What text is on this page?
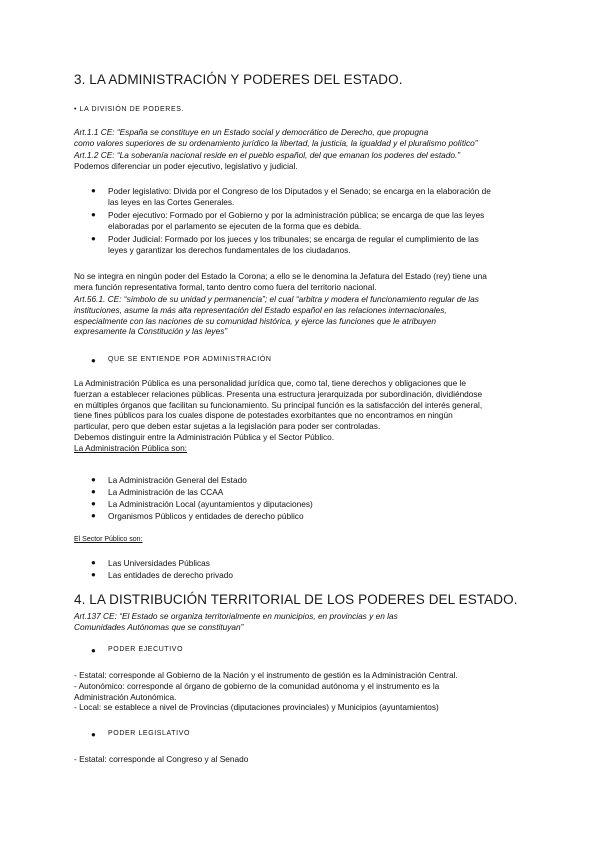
3. LA ADMINISTRACIÓN Y PODERES DEL ESTADO.
• LA DIVISIÓN DE PODERES.
Art.1.1 CE: “España se constituye en un Estado social y democrático de Derecho, que propugna
como valores superiores de su ordenamiento jurídico la libertad, la justicia, la igualdad y el pluralismo político”
Art.1.2 CE: “La soberanía nacional reside en el pueblo español, del que emanan los poderes del estado.”
Podemos diferenciar un poder ejecutivo, legislativo y judicial.
● Poder legislativo: Divida por el Congreso de los Diputados y el Senado; se encarga en la elaboración de
las leyes en las Cortes Generales.
● Poder ejecutivo: Formado por el Gobierno y por la administración pública; se encarga de que las leyes
elaboradas por el parlamento se ejecuten de la forma que es debida.
● Poder Judicial: Formado por los jueces y los tribunales; se encarga de regular el cumplimiento de las
leyes y garantizar los derechos fundamentales de los ciudadanos.
No se integra en ningún poder del Estado la Corona; a ello se le denomina la Jefatura del Estado (rey) tiene una
mera función representativa formal, tanto dentro como fuera del territorio nacional.
Art.56.1. CE: “símbolo de su unidad y permanencia”; el cual “arbitra y modera el funcionamiento regular de las
instituciones, asume la más alta representación del Estado español en las relaciones internacionales,
especialmente con las naciones de su comunidad histórica, y ejerce las funciones que le atribuyen
expresamente la Constitución y las leyes”
● QUE SE ENTIENDE POR ADMINISTRACIÓN
La Administración Pública es una personalidad jurídica que, como tal, tiene derechos y obligaciones que le
fuerzan a establecer relaciones públicas. Presenta una estructura jerarquizada por subordinación, dividiéndose
en múltiples órganos que facilitan su funcionamiento. Su principal función es la satisfacción del interés general,
tiene fines públicos para los cuales dispone de potestades exorbitantes que no encontramos en ningún
particular, pero que deben estar sujetas a la legislación para poder ser controladas.
Debemos distinguir entre la Administración Pública y el Sector Público.
La Administración Pública son:
● La Administración General del Estado
● La Administración de las CCAA
● La Administración Local (ayuntamientos y diputaciones)
● Organismos Públicos y entidades de derecho público
El Sector Público son:
● Las Universidades Públicas
● Las entidades de derecho privado
4. LA DISTRIBUCIÓN TERRITORIAL DE LOS PODERES DEL ESTADO.
Art.137 CE: “El Estado se organiza territorialmente en municipios, en provincias y en las
Comunidades Autónomas que se constituyan”
● PODER EJECUTIVO
- Estatal: corresponde al Gobierno de la Nación y el instrumento de gestión es la Administración Central.
- Autonómico: corresponde al órgano de gobierno de la comunidad autónoma y el instrumento es la
Administración Autonómica.
- Local: se establece a nivel de Provincias (diputaciones provinciales) y Municipios (ayuntamientos)
● PODER LEGISLATIVO
- Estatal: corresponde al Congreso y al Senado
